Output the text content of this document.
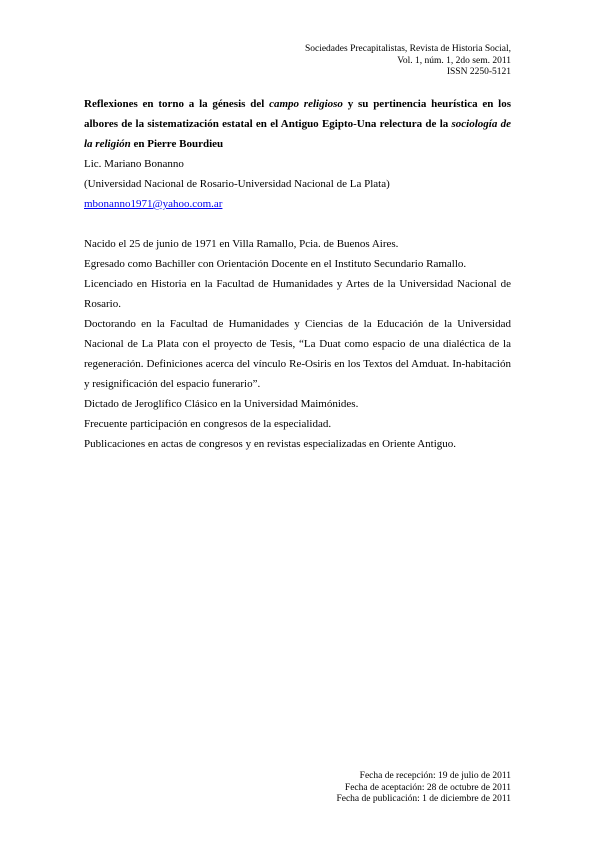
Sociedades Precapitalistas, Revista de Historia Social,
Vol. 1, núm. 1, 2do sem. 2011
ISSN 2250-5121
Reflexiones en torno a la génesis del campo religioso y su pertinencia heurística en los albores de la sistematización estatal en el Antiguo Egipto-Una relectura de la sociología de la religión en Pierre Bourdieu
Lic. Mariano Bonanno
(Universidad Nacional de Rosario-Universidad Nacional de La Plata)
mbonanno1971@yahoo.com.ar

Nacido el 25 de junio de 1971 en Villa Ramallo, Pcia. de Buenos Aires.

Egresado como Bachiller con Orientación Docente en el Instituto Secundario Ramallo.

Licenciado en Historia en la Facultad de Humanidades y Artes de la Universidad Nacional de Rosario.

Doctorando en la Facultad de Humanidades y Ciencias de la Educación de la Universidad Nacional de La Plata con el proyecto de Tesis, “La Duat como espacio de una dialéctica de la regeneración. Definiciones acerca del vínculo Re-Osiris en los Textos del Amduat. In-habitación y resignificación del espacio funerario”.

Dictado de Jeroglífico Clásico en la Universidad Maimónides.

Frecuente participación en congresos de la especialidad.

Publicaciones en actas de congresos y en revistas especializadas en Oriente Antiguo.

Fecha de recepción: 19 de julio de 2011
Fecha de aceptación: 28 de octubre de 2011
Fecha de publicación: 1 de diciembre de 2011
